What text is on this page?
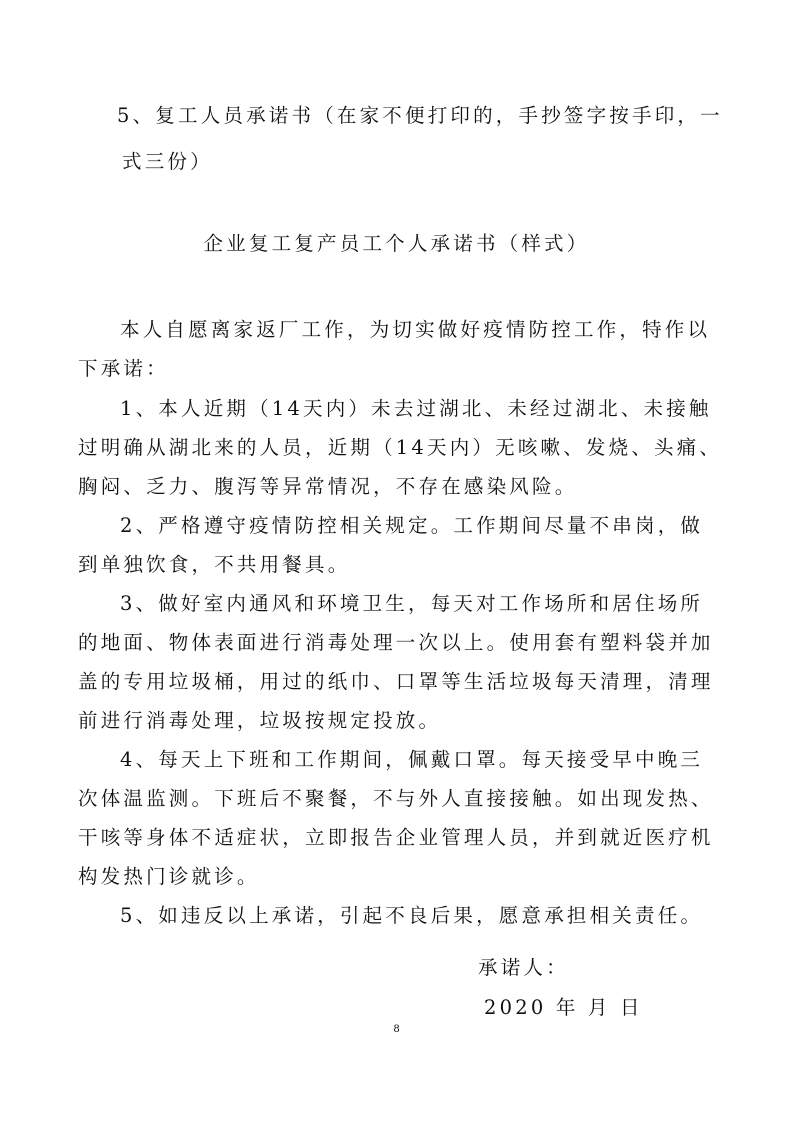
5、复工人员承诺书（在家不便打印的，手抄签字按手印，一
式三份）
企业复工复产员工个人承诺书（样式）
本人自愿离家返厂工作，为切实做好疫情防控工作，特作以
下承诺：
1、本人近期（14天内）未去过湖北、未经过湖北、未接触
过明确从湖北来的人员，近期（14天内）无咳嗽、发烧、头痛、
胸闷、乏力、腹泻等异常情况，不存在感染风险。
2、严格遵守疫情防控相关规定。工作期间尽量不串岗，做
到单独饮食，不共用餐具。
3、做好室内通风和环境卫生，每天对工作场所和居住场所
的地面、物体表面进行消毒处理一次以上。使用套有塑料袋并加
盖的专用垃圾桶，用过的纸巾、口罩等生活垃圾每天清理，清理
前进行消毒处理，垃圾按规定投放。
4、每天上下班和工作期间，佩戴口罩。每天接受早中晚三
次体温监测。下班后不聚餐，不与外人直接接触。如出现发热、
干咳等身体不适症状，立即报告企业管理人员，并到就近医疗机
构发热门诊就诊。
5、如违反以上承诺，引起不良后果，愿意承担相关责任。
承诺人：
2020 年 月 日
8
